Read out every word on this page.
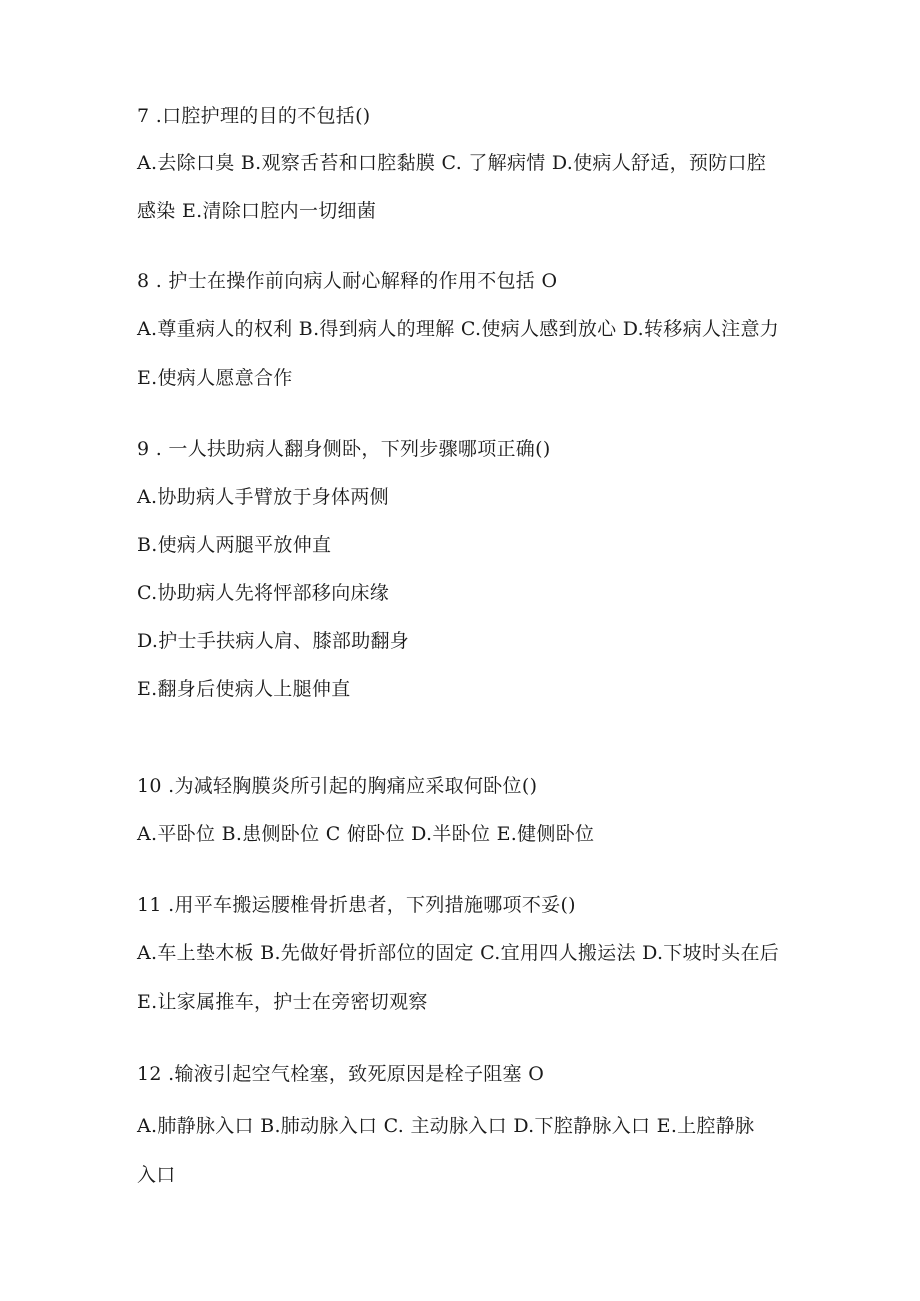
7 .口腔护理的目的不包括()
A.去除口臭 B.观察舌苔和口腔黏膜 C. 了解病情 D.使病人舒适，预防口腔
感染 E.清除口腔内一切细菌
8 . 护士在操作前向病人耐心解释的作用不包括 O
A.尊重病人的权利 B.得到病人的理解 C.使病人感到放心 D.转移病人注意力
E.使病人愿意合作
9 . 一人扶助病人翻身侧卧，下列步骤哪项正确()
A.协助病人手臂放于身体两侧
B.使病人两腿平放伸直
C.协助病人先将怦部移向床缘
D.护士手扶病人肩、膝部助翻身
E.翻身后使病人上腿伸直
10 .为减轻胸膜炎所引起的胸痛应采取何卧位()
A.平卧位 B.患侧卧位 C 俯卧位 D.半卧位 E.健侧卧位
11 .用平车搬运腰椎骨折患者，下列措施哪项不妥()
A.车上垫木板 B.先做好骨折部位的固定 C.宜用四人搬运法 D.下坡时头在后
E.让家属推车，护士在旁密切观察
12 .输液引起空气栓塞，致死原因是栓子阻塞 O
A.肺静脉入口 B.肺动脉入口 C. 主动脉入口 D.下腔静脉入口 E.上腔静脉
入口
